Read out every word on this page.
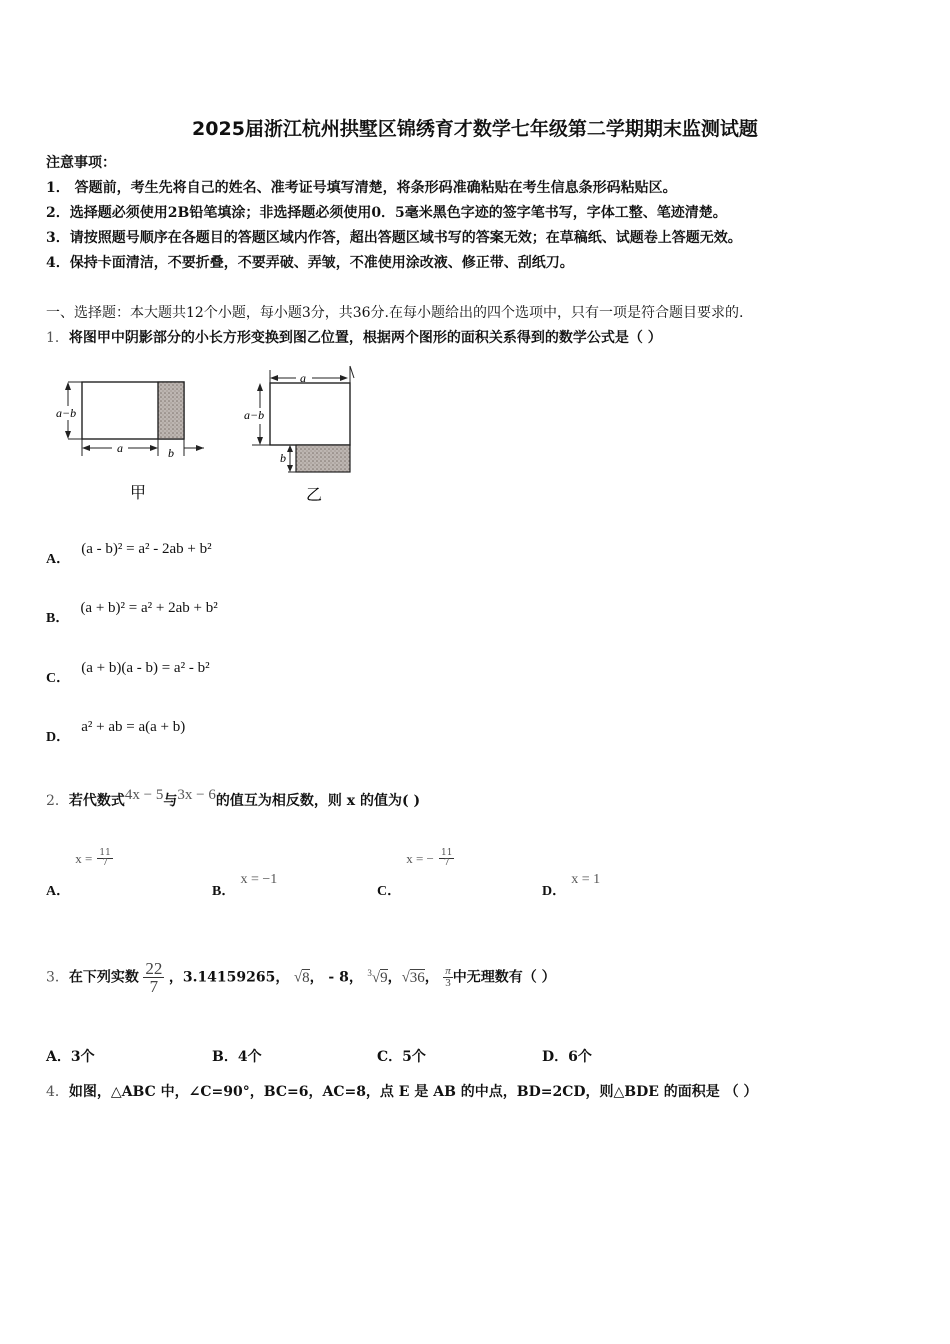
2025届浙江杭州拱墅区锦绣育才数学七年级第二学期期末监测试题
注意事项：
1． 答题前，考生先将自己的姓名、准考证号填写清楚，将条形码准确粘贴在考生信息条形码粘贴区。
2．选择题必须使用2B铅笔填涂；非选择题必须使用0．5毫米黑色字迹的签字笔书写，字体工整、笔迹清楚。
3．请按照题号顺序在各题目的答题区域内作答，超出答题区域书写的答案无效；在草稿纸、试题卷上答题无效。
4．保持卡面清洁，不要折叠，不要弄破、弄皱，不准使用涂改液、修正带、刮纸刀。
一、选择题：本大题共12个小题，每小题3分，共36分.在每小题给出的四个选项中，只有一项是符合题目要求的.
1．将图甲中阴影部分的小长方形变换到图乙位置，根据两个图形的面积关系得到的数学公式是（ ）
a−b
a	b
甲
a
a−b
b
乙
A． (a - b)² = a² - 2ab + b²
B． (a + b)² = a² + 2ab + b²
C． (a + b)(a - b) = a² - b²
D． a² + ab = a(a + b)
2．若代数式4x − 5与3x − 6的值互为相反数，则 x 的值为( )
A． $x = \frac{11}{7}$
B． x = −1
C． x = − $\frac{11}{7}$
D． x = 1
3．在下列实数 $\frac{22}{7}$ ，3.14159265， √8， - 8， $^3$√9，√36， $\frac{\pi}{3}$ 中无理数有（ ）
A．3个	B．4个	C．5个	D．6个
4．如图，△ABC 中，∠C=90°，BC=6，AC=8，点 E 是 AB 的中点，BD=2CD，则△BDE 的面积是 （ ）
